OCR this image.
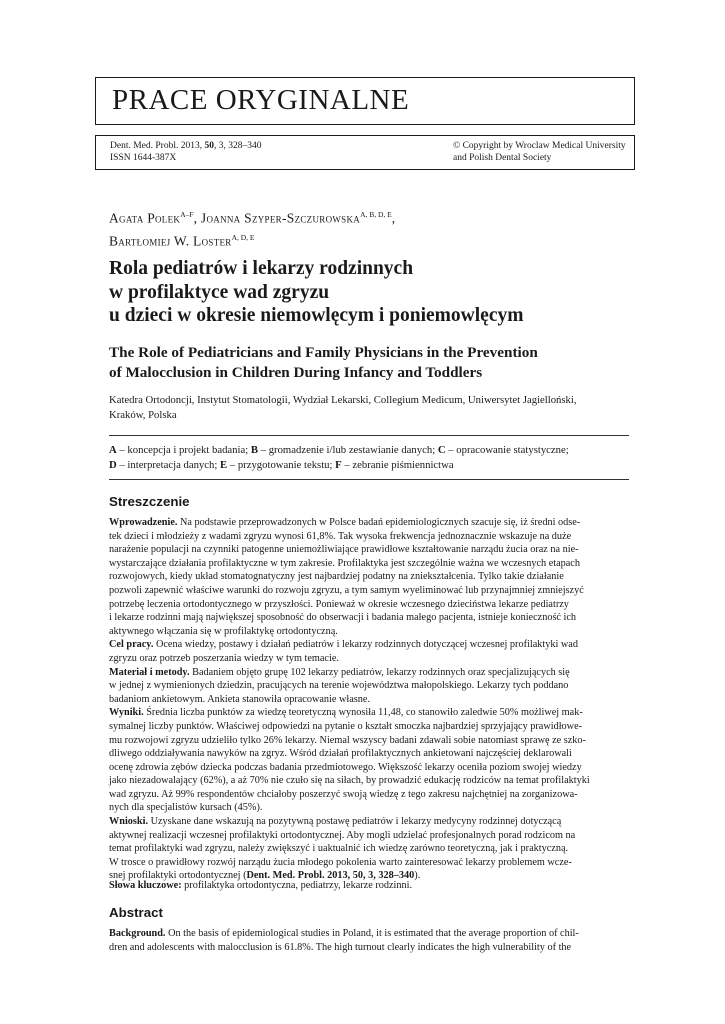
PRACE ORYGINALNE
Dent. Med. Probl. 2013, 50, 3, 328–340
ISSN 1644-387X
© Copyright by Wroclaw Medical University
and Polish Dental Society
Agata Polek$^{A-F}$, Joanna Szyper-Szczurowska$^{A, B, D, E}$,
Bartłomiej W. Loster$^{A, D, E}$
Rola pediatrów i lekarzy rodzinnych
w profilaktyce wad zgryzu
u dzieci w okresie niemowlęcym i poniemowlęcym
The Role of Pediatricians and Family Physicians in the Prevention
of Malocclusion in Children During Infancy and Toddlers
Katedra Ortodoncji, Instytut Stomatologii, Wydział Lekarski, Collegium Medicum, Uniwersytet Jagielloński,
Kraków, Polska
A – koncepcja i projekt badania; B – gromadzenie i/lub zestawianie danych; C – opracowanie statystyczne;
D – interpretacja danych; E – przygotowanie tekstu; F – zebranie piśmiennictwa
Streszczenie

Wprowadzenie. Na podstawie przeprowadzonych w Polsce badań epidemiologicznych szacuje się, iż średni odse-
tek dzieci i młodzieży z wadami zgryzu wynosi 61,8%. Tak wysoka frekwencja jednoznacznie wskazuje na duże
narażenie populacji na czynniki patogenne uniemożliwiające prawidłowe kształtowanie narządu żucia oraz na nie-
wystarczające działania profilaktyczne w tym zakresie. Profilaktyka jest szczególnie ważna we wczesnych etapach
rozwojowych, kiedy układ stomatognatyczny jest najbardziej podatny na zniekształcenia. Tylko takie działanie
pozwoli zapewnić właściwe warunki do rozwoju zgryzu, a tym samym wyeliminować lub przynajmniej zmniejszyć
potrzebę leczenia ortodontycznego w przyszłości. Ponieważ w okresie wczesnego dzieciństwa lekarze pediatrzy
i lekarze rodzinni mają największej sposobność do obserwacji i badania małego pacjenta, istnieje konieczność ich
aktywnego włączania się w profilaktykę ortodontyczną.

Cel pracy. Ocena wiedzy, postawy i działań pediatrów i lekarzy rodzinnych dotyczącej wczesnej profilaktyki wad
zgryzu oraz potrzeb poszerzania wiedzy w tym temacie.

Materiał i metody. Badaniem objęto grupę 102 lekarzy pediatrów, lekarzy rodzinnych oraz specjalizujących się
w jednej z wymienionych dziedzin, pracujących na terenie województwa małopolskiego. Lekarzy tych poddano
badaniom ankietowym. Ankieta stanowiła opracowanie własne.

Wyniki. Średnia liczba punktów za wiedzę teoretyczną wynosiła 11,48, co stanowiło zaledwie 50% możliwej mak-
symalnej liczby punktów. Właściwej odpowiedzi na pytanie o kształt smoczka najbardziej sprzyjający prawidłowe-
mu rozwojowi zgryzu udzieliło tylko 26% lekarzy. Niemal wszyscy badani zdawali sobie natomiast sprawę ze szko-
dliwego oddziaływania nawyków na zgryz. Wśród działań profilaktycznych ankietowani najczęściej deklarowali
ocenę zdrowia zębów dziecka podczas badania przedmiotowego. Większość lekarzy oceniła poziom swojej wiedzy
jako niezadowalający (62%), a aż 70% nie czuło się na siłach, by prowadzić edukację rodziców na temat profilaktyki
wad zgryzu. Aż 99% respondentów chciałoby poszerzyć swoją wiedzę z tego zakresu najchętniej na zorganizowa-
nych dla specjalistów kursach (45%).

Wnioski. Uzyskane dane wskazują na pozytywną postawę pediatrów i lekarzy medycyny rodzinnej dotyczącą
aktywnej realizacji wczesnej profilaktyki ortodontycznej. Aby mogli udzielać profesjonalnych porad rodzicom na
temat profilaktyki wad zgryzu, należy zwiększyć i uaktualnić ich wiedzę zarówno teoretyczną, jak i praktyczną.
W trosce o prawidłowy rozwój narządu żucia młodego pokolenia warto zainteresować lekarzy problemem wcze-
snej profilaktyki ortodontycznej (Dent. Med. Probl. 2013, 50, 3, 328–340).

Słowa kluczowe: profilaktyka ortodontyczna, pediatrzy, lekarze rodzinni.
Abstract

Background. On the basis of epidemiological studies in Poland, it is estimated that the average proportion of chil-
dren and adolescents with malocclusion is 61.8%. The high turnout clearly indicates the high vulnerability of the
